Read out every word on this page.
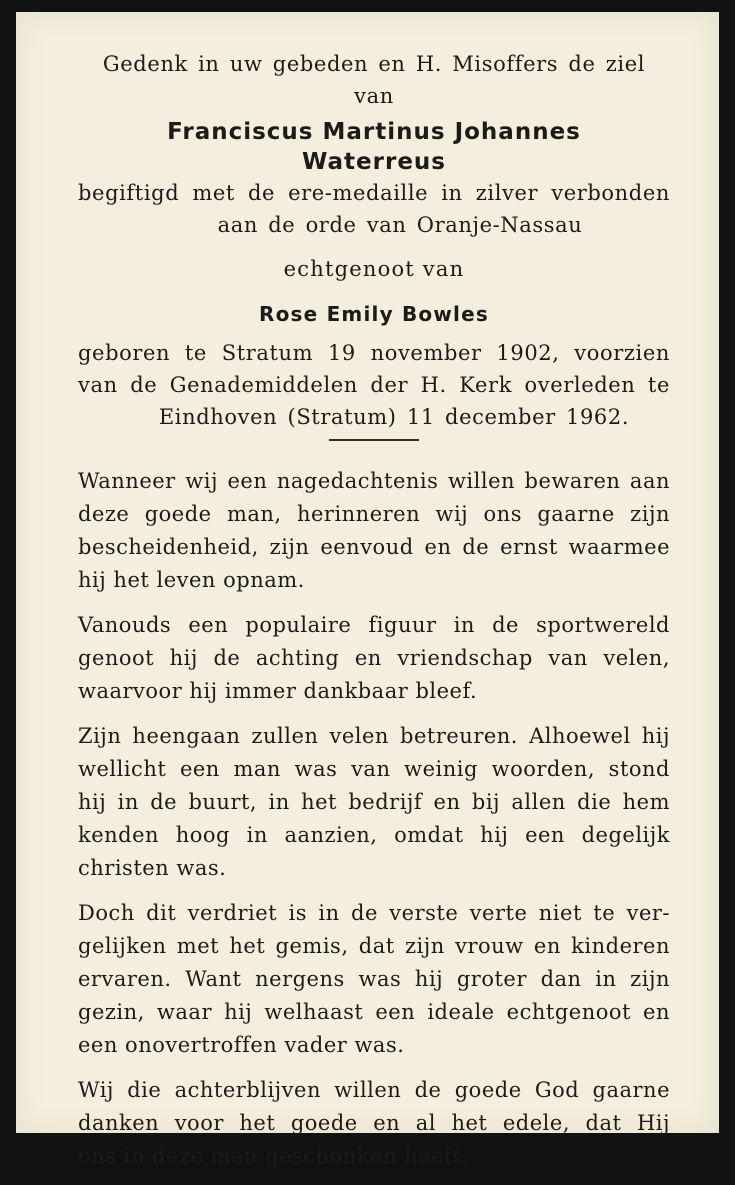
Gedenk in uw gebeden en H. Misoffers de ziel van
Franciscus Martinus Johannes
Waterreus
begiftigd met de ere-medaille in zilver verbonden
aan de orde van Oranje-Nassau
echtgenoot van
Rose Emily Bowles
geboren te Stratum 19 november 1902, voorzien
van de Genademiddelen der H. Kerk overleden te
Eindhoven (Stratum) 11 december 1962.
Wanneer wij een nagedachtenis willen bewaren aan
deze goede man, herinneren wij ons gaarne zijn
bescheidenheid, zijn eenvoud en de ernst waarmee
hij het leven opnam.
Vanouds een populaire figuur in de sportwereld
genoot hij de achting en vriendschap van velen,
waarvoor hij immer dankbaar bleef.
Zijn heengaan zullen velen betreuren. Alhoewel hij
wellicht een man was van weinig woorden, stond
hij in de buurt, in het bedrijf en bij allen die hem
kenden hoog in aanzien, omdat hij een degelijk
christen was.
Doch dit verdriet is in de verste verte niet te ver-
gelijken met het gemis, dat zijn vrouw en kinderen
ervaren. Want nergens was hij groter dan in zijn
gezin, waar hij welhaast een ideale echtgenoot en
een onovertroffen vader was.
Wij die achterblijven willen de goede God gaarne
danken voor het goede en al het edele, dat Hij
ons in deze man geschonken heeft.
